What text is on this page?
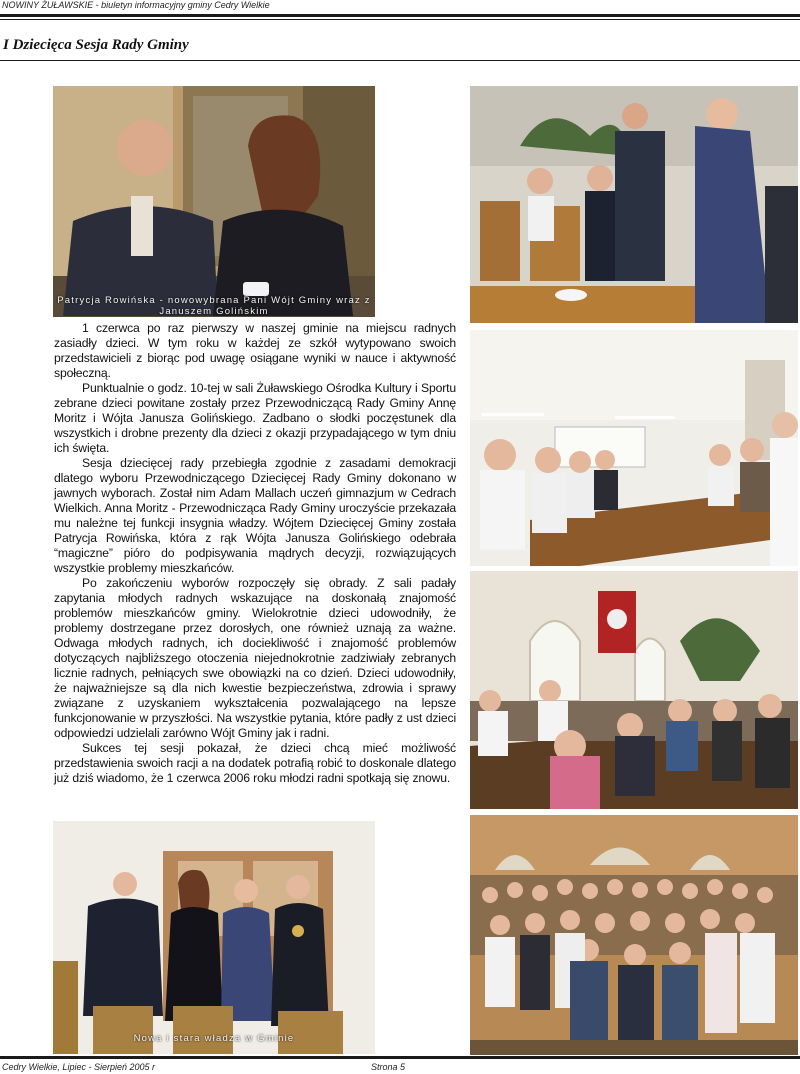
NOWINY ŻUŁAWSKIE - biuletyn informacyjny gminy Cedry Wielkie
I Dziecięca Sesja Rady Gminy
Patrycja Rowińska - nowowybrana Pani Wójt Gminy wraz z Januszem Golińskim
Nowa i stara władza w Gminie

1 czerwca po raz pierwszy w naszej gminie na miejscu radnych zasiadły dzieci. W tym roku w każdej ze szkół wytypowano swoich przedstawicieli z biorąc pod uwagę osiągane wyniki w nauce i aktywność społeczną.

Punktualnie o godz. 10-tej w sali Żuławskiego Ośrodka Kultury i Sportu zebrane dzieci powitane zostały przez Przewodniczącą Rady Gminy Annę Moritz i Wójta Janusza Golińskiego. Zadbano o słodki poczęstunek dla wszystkich i drobne prezenty dla dzieci z okazji przypadającego w tym dniu ich święta.

Sesja dziecięcej rady przebiegła zgodnie z zasadami demokracji dlatego wyboru Przewodniczącego Dziecięcej Rady Gminy dokonano w jawnych wyborach. Został nim Adam Mallach uczeń gimnazjum w Cedrach Wielkich. Anna Moritz - Przewodnicząca Rady Gminy uroczyście przekazała mu należne tej funkcji insygnia władzy. Wójtem Dziecięcej Gminy została Patrycja Rowińska, która z rąk Wójta Janusza Golińskiego odebrała “magiczne” pióro do podpisywania mądrych decyzji, rozwiązujących wszystkie problemy mieszkańców.

Po zakończeniu wyborów rozpoczęły się obrady. Z sali padały zapytania młodych radnych wskazujące na doskonałą znajomość problemów mieszkańców gminy. Wielokrotnie dzieci udowodniły, że problemy dostrzegane przez dorosłych, one również uznają za ważne. Odwaga młodych radnych, ich dociekliwość i znajomość problemów dotyczących najbliższego otoczenia niejednokrotnie zadziwiały zebranych licznie radnych, pełniących swe obowiązki na co dzień. Dzieci udowodniły, że najważniejsze są dla nich kwestie bezpieczeństwa, zdrowia i sprawy związane z uzyskaniem wykształcenia pozwalającego na lepsze funkcjonowanie w przyszłości. Na wszystkie pytania, które padły z ust dzieci odpowiedzi udzielali zarówno Wójt Gminy jak i radni.

Sukces tej sesji pokazał, że dzieci chcą mieć możliwość przedstawienia swoich racji a na dodatek potrafią robić to doskonale dlatego już dziś wiadomo, że 1 czerwca 2006 roku młodzi radni spotkają się znowu.

Cedry Wielkie, Lipiec - Sierpień 2005 r	Strona 5
